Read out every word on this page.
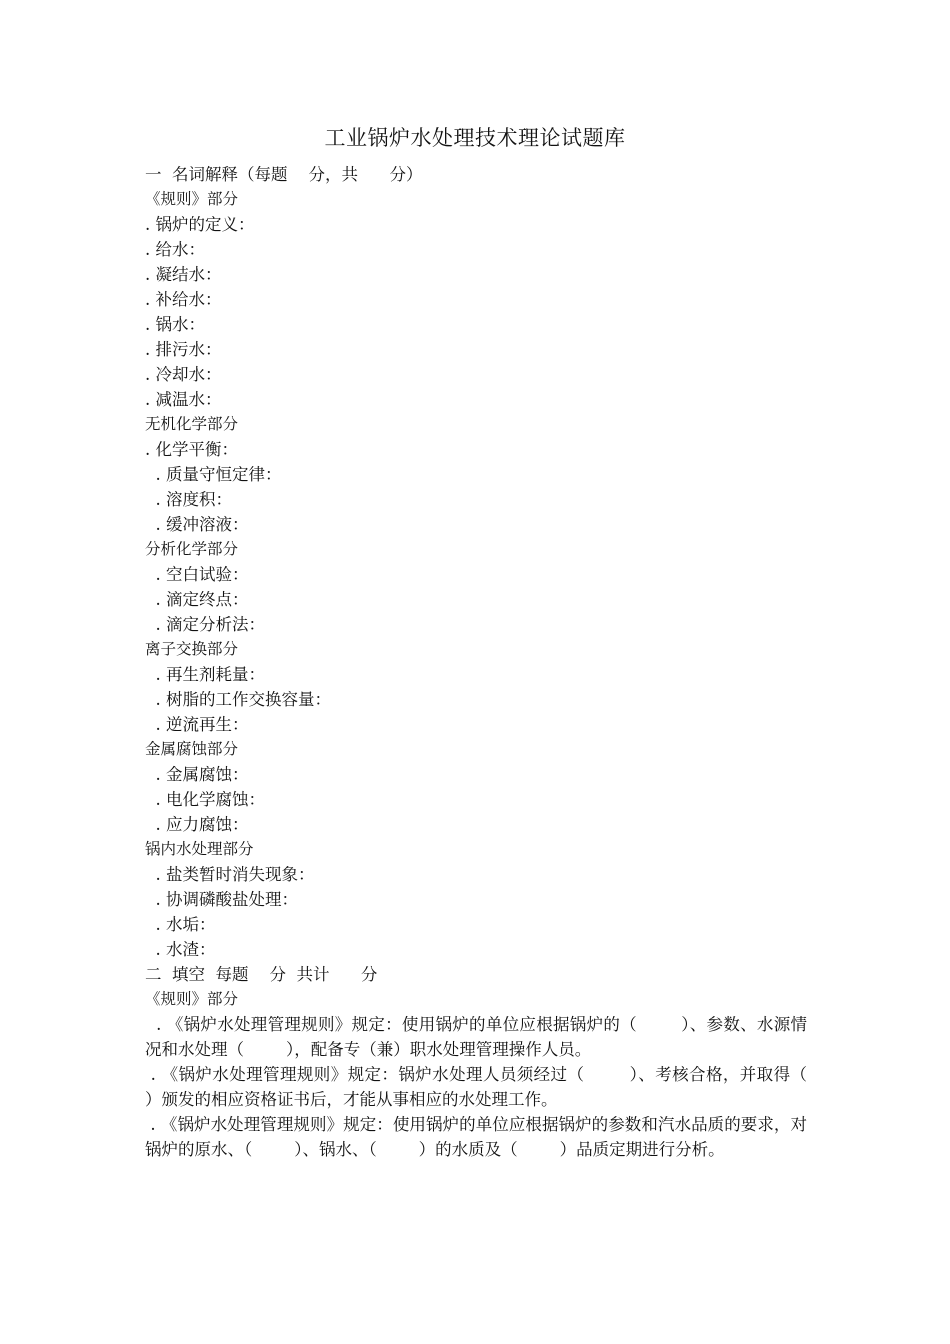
工业锅炉水处理技术理论试题库
一  名词解释（每题    分，共      分）
《规则》部分
. 锅炉的定义：
. 给水：
. 凝结水：
. 补给水：
. 锅水：
. 排污水：
. 冷却水：
. 减温水：
无机化学部分
. 化学平衡：
. 质量守恒定律：
. 溶度积：
. 缓冲溶液：
分析化学部分
. 空白试验：
. 滴定终点：
. 滴定分析法：
离子交换部分
. 再生剂耗量：
. 树脂的工作交换容量：
. 逆流再生：
金属腐蚀部分
. 金属腐蚀：
. 电化学腐蚀：
. 应力腐蚀：
锅内水处理部分
. 盐类暂时消失现象：
. 协调磷酸盐处理：
. 水垢：
. 水渣：
二  填空  每题    分  共计      分
《规则》部分
. 《锅炉水处理管理规则》规定：使用锅炉的单位应根据锅炉的（        ）、参数、水源情况和水处理（        ），配备专（兼）职水处理管理操作人员。
. 《锅炉水处理管理规则》规定：锅炉水处理人员须经过（        ）、考核合格，并取得（                    ）颁发的相应资格证书后，才能从事相应的水处理工作。
. 《锅炉水处理管理规则》规定：使用锅炉的单位应根据锅炉的参数和汽水品质的要求，对锅炉的原水、（        ）、锅水、（        ）的水质及（        ）品质定期进行分析。
